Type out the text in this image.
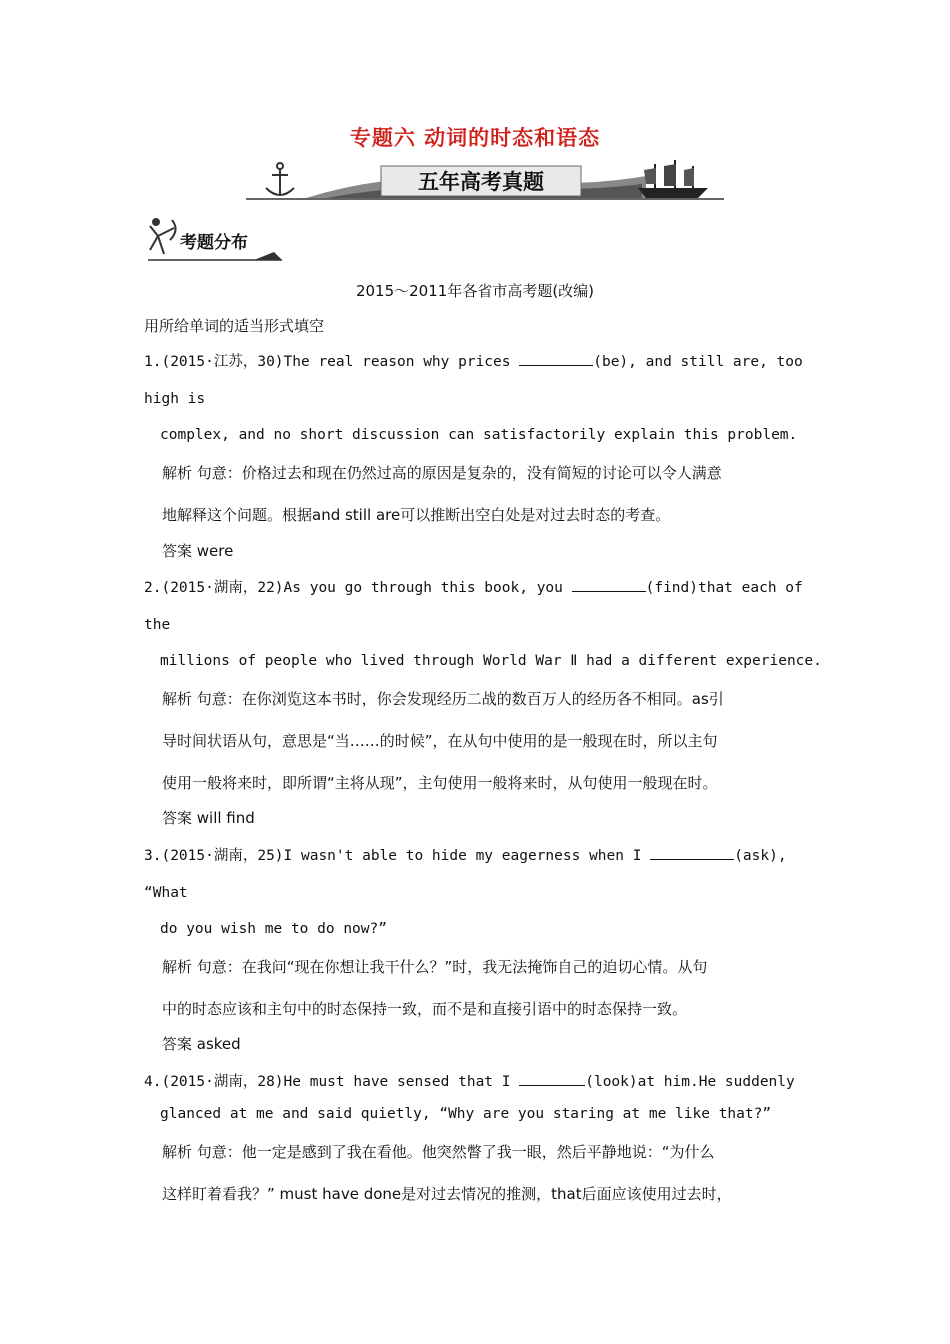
专题六 动词的时态和语态
五年高考真题
考题分布
2015～2011年各省市高考题(改编)
用所给单词的适当形式填空
1.(2015·江苏，30)The real reason why prices	(be), and still are, too
high is
complex, and no short discussion can satisfactorily explain this problem.
解析 句意：价格过去和现在仍然过高的原因是复杂的，没有简短的讨论可以令人满意
地解释这个问题。根据and still are可以推断出空白处是对过去时态的考查。
答案 were
2.(2015·湖南，22)As you go through this book, you	(find)that each of
the
millions of people who lived through World War Ⅱ had a different experience.
解析 句意：在你浏览这本书时，你会发现经历二战的数百万人的经历各不相同。as引
导时间状语从句，意思是“当……的时候”，在从句中使用的是一般现在时，所以主句
使用一般将来时，即所谓“主将从现”，主句使用一般将来时，从句使用一般现在时。
答案 will find
3.(2015·湖南，25)I wasn't able to hide my eagerness when I	(ask),
“What
do you wish me to do now?”
解析 句意：在我问“现在你想让我干什么？”时，我无法掩饰自己的迫切心情。从句
中的时态应该和主句中的时态保持一致，而不是和直接引语中的时态保持一致。
答案 asked
4.(2015·湖南，28)He must have sensed that I	(look)at him.He suddenly
glanced at me and said quietly, “Why are you staring at me like that?”
解析 句意：他一定是感到了我在看他。他突然瞥了我一眼，然后平静地说：“为什么
这样盯着看我？” must have done是对过去情况的推测，that后面应该使用过去时，
